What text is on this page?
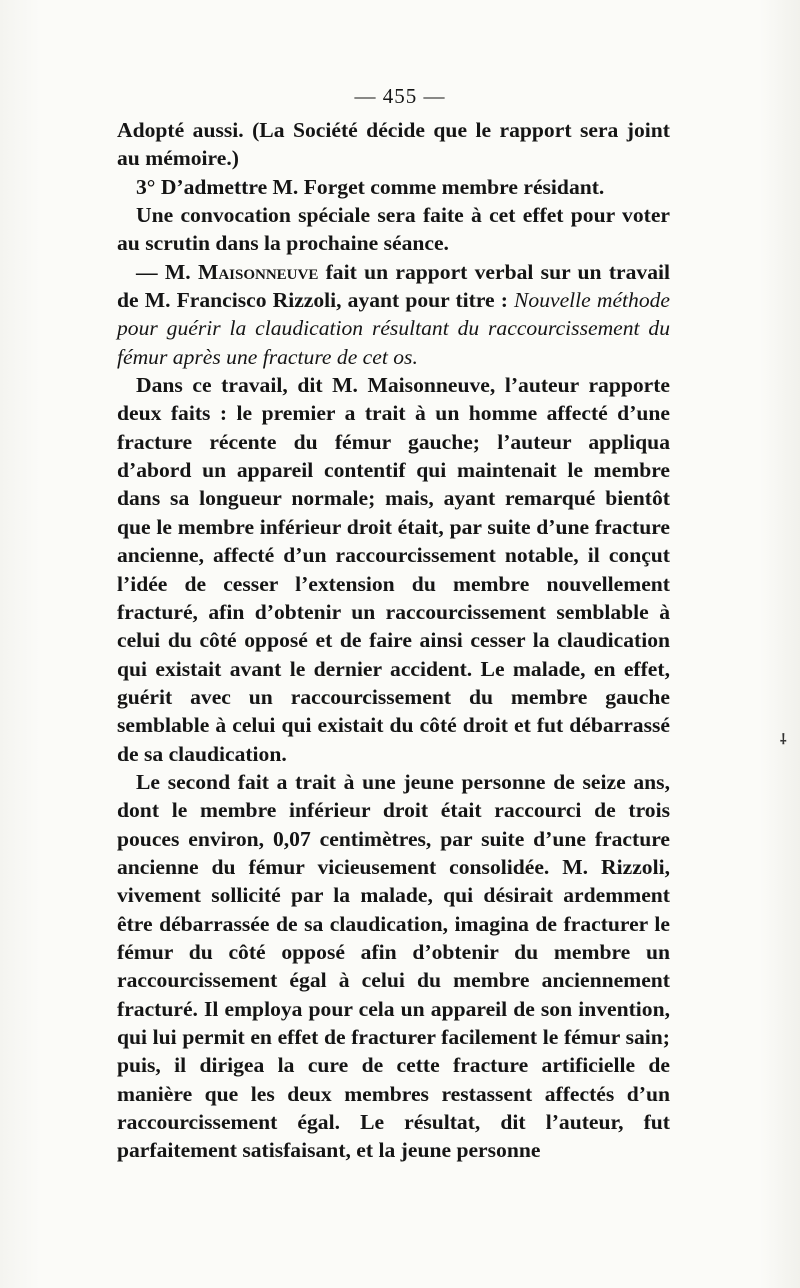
— 455 —

Adopté aussi. (La Société décide que le rapport sera joint au mémoire.)

3° D’admettre M. Forget comme membre résidant.

Une convocation spéciale sera faite à cet effet pour voter au scrutin dans la prochaine séance.

— M. Maisonneuve fait un rapport verbal sur un travail de M. Francisco Rizzoli, ayant pour titre : Nouvelle méthode pour guérir la claudication résultant du raccourcissement du fémur après une fracture de cet os.

Dans ce travail, dit M. Maisonneuve, l’auteur rapporte deux faits : le premier a trait à un homme affecté d’une fracture récente du fémur gauche; l’auteur appliqua d’abord un appareil contentif qui maintenait le membre dans sa longueur normale; mais, ayant remarqué bientôt que le membre inférieur droit était, par suite d’une fracture ancienne, affecté d’un raccourcissement notable, il conçut l’idée de cesser l’extension du membre nouvellement fracturé, afin d’obtenir un raccourcissement semblable à celui du côté opposé et de faire ainsi cesser la claudication qui existait avant le dernier accident. Le malade, en effet, guérit avec un raccourcissement du membre gauche semblable à celui qui existait du côté droit et fut débarrassé de sa claudication.

Le second fait a trait à une jeune personne de seize ans, dont le membre inférieur droit était raccourci de trois pouces environ, 0,07 centimètres, par suite d’une fracture ancienne du fémur vicieusement consolidée. M. Rizzoli, vivement sollicité par la malade, qui désirait ardemment être débarrassée de sa claudication, imagina de fracturer le fémur du côté opposé afin d’obtenir du membre un raccourcissement égal à celui du membre anciennement fracturé. Il employa pour cela un appareil de son invention, qui lui permit en effet de fracturer facilement le fémur sain; puis, il dirigea la cure de cette fracture artificielle de manière que les deux membres restassent affectés d’un raccourcissement égal. Le résultat, dit l’auteur, fut parfaitement satisfaisant, et la jeune personne

⸸
